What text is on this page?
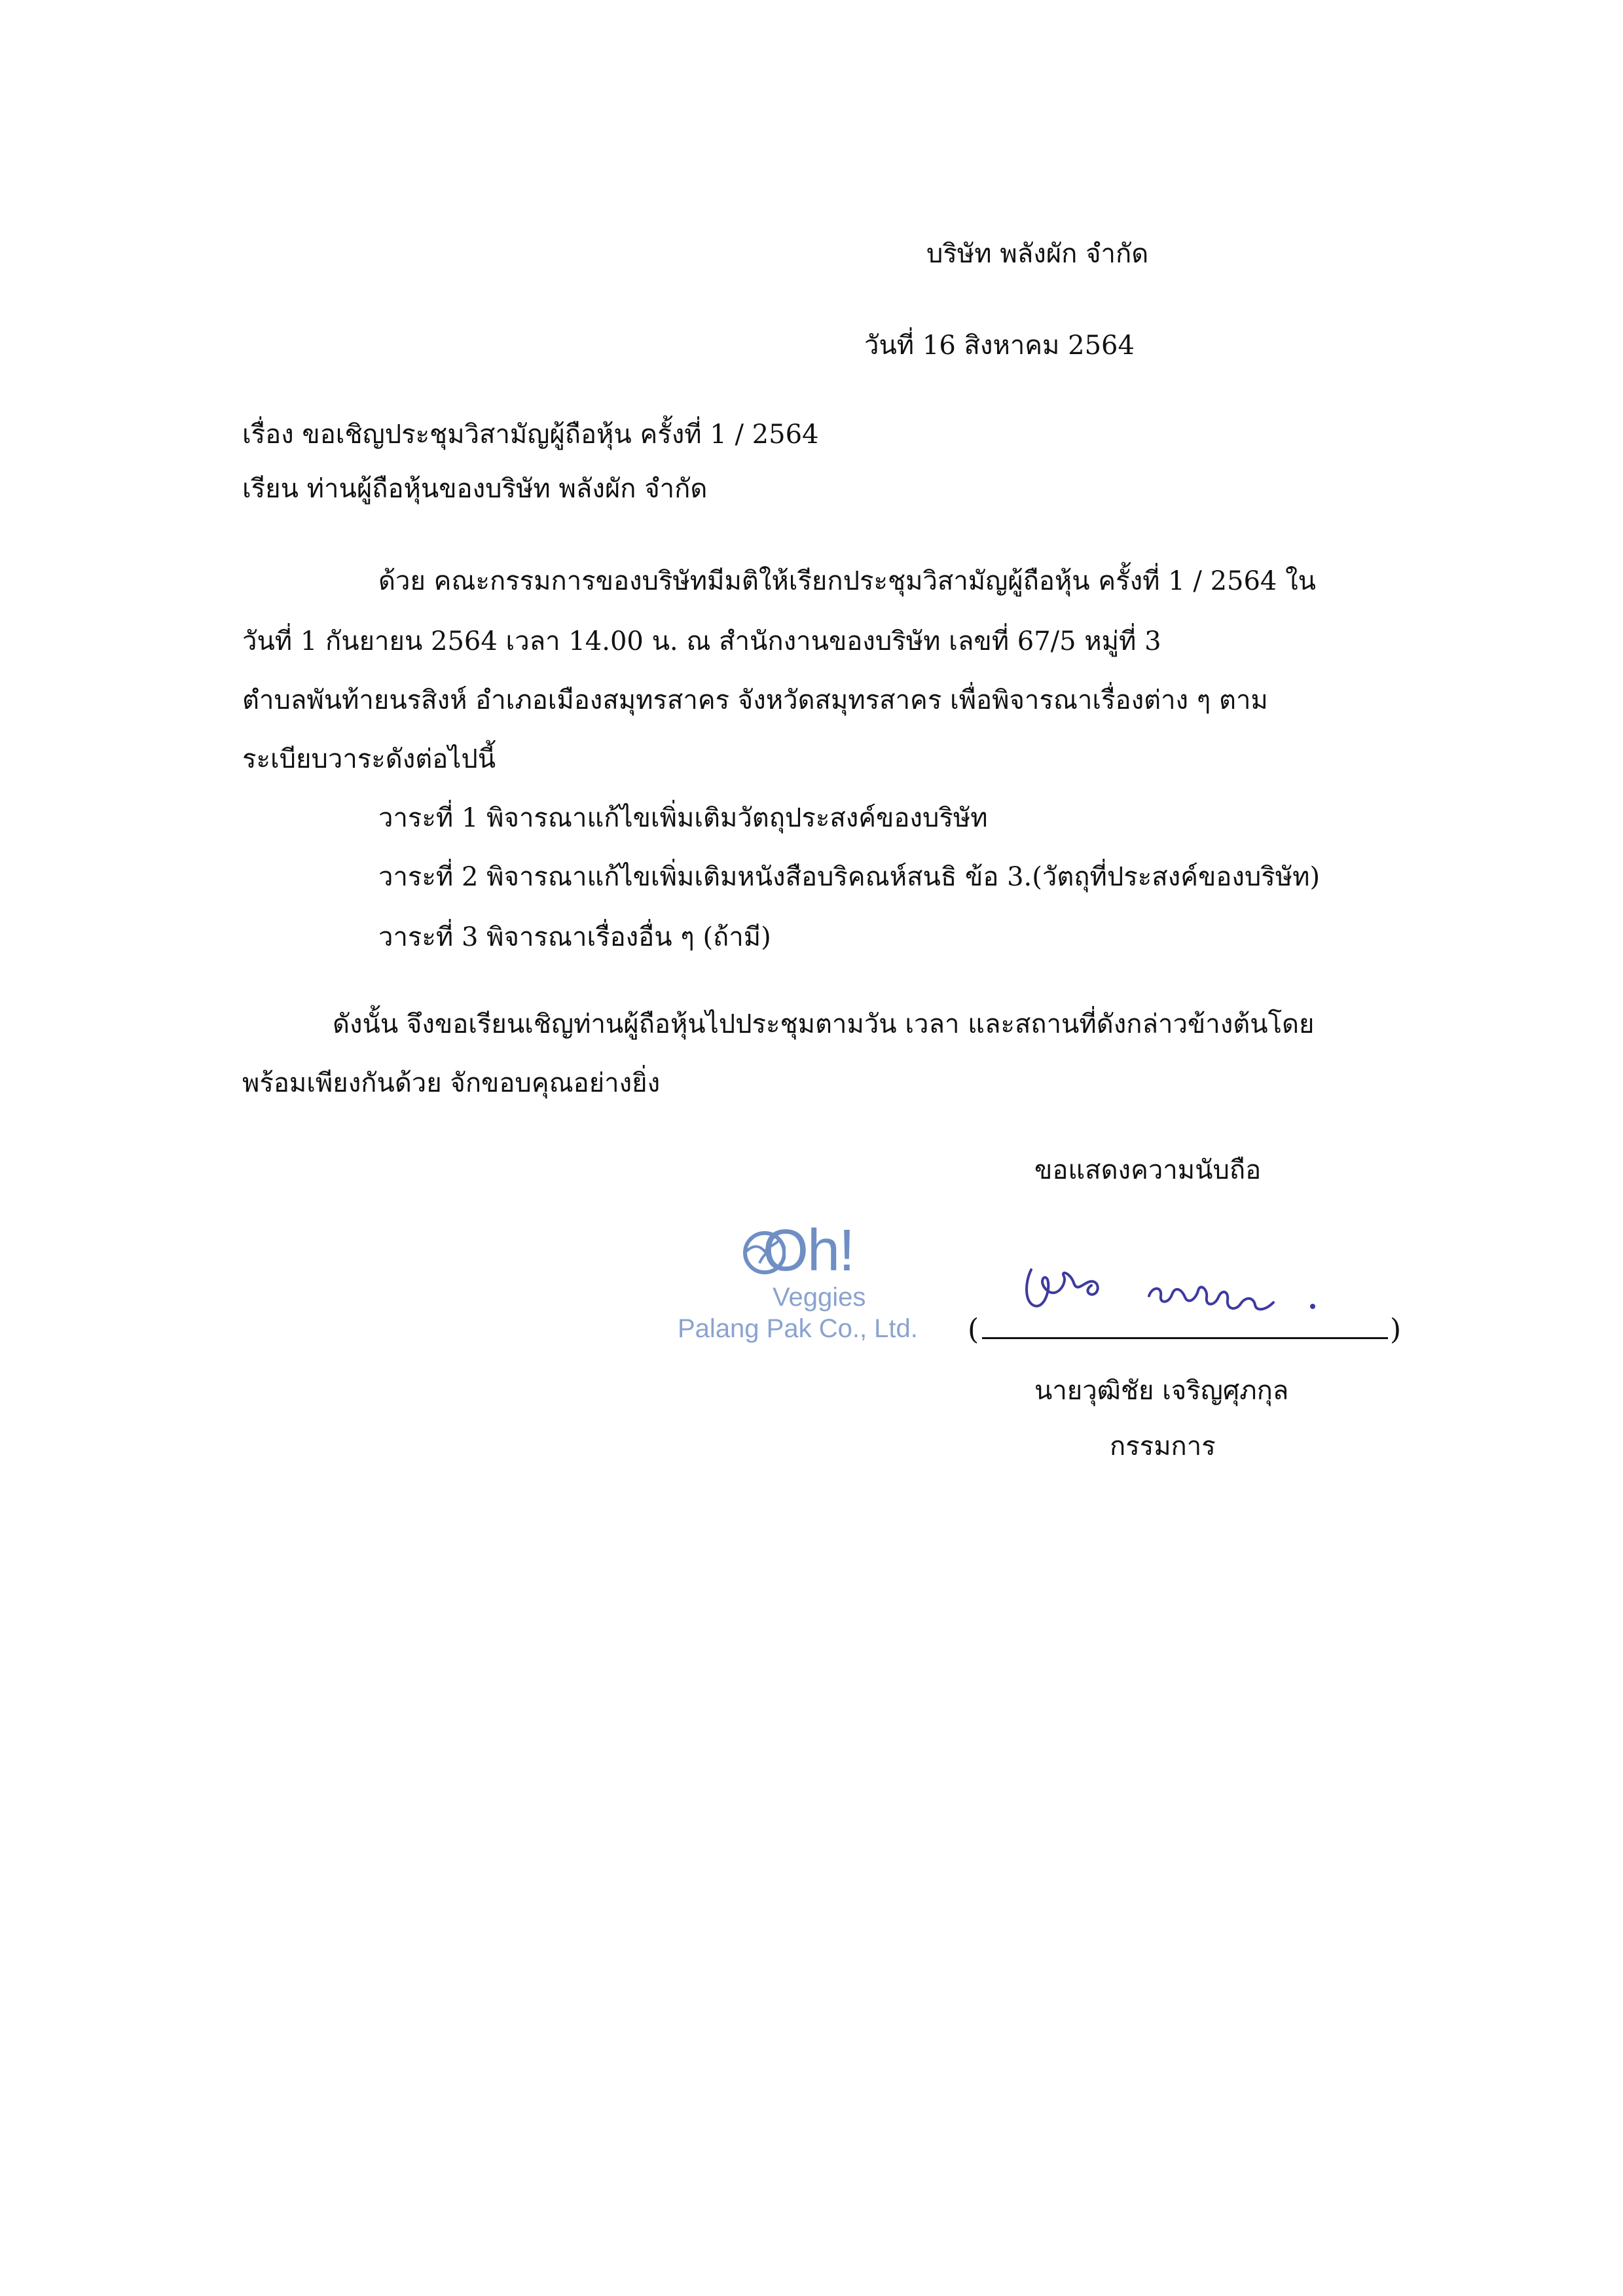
บริษัท พลังผัก จำกัด
วันที่ 16 สิงหาคม 2564
เรื่อง ขอเชิญประชุมวิสามัญผู้ถือหุ้น ครั้งที่ 1 / 2564
เรียน ท่านผู้ถือหุ้นของบริษัท พลังผัก จำกัด
ด้วย คณะกรรมการของบริษัทมีมติให้เรียกประชุมวิสามัญผู้ถือหุ้น ครั้งที่ 1 / 2564 ใน
วันที่ 1 กันยายน 2564 เวลา 14.00 น. ณ สำนักงานของบริษัท เลขที่ 67/5 หมู่ที่ 3
ตำบลพันท้ายนรสิงห์ อำเภอเมืองสมุทรสาคร จังหวัดสมุทรสาคร เพื่อพิจารณาเรื่องต่าง ๆ ตาม
ระเบียบวาระดังต่อไปนี้
วาระที่ 1 พิจารณาแก้ไขเพิ่มเติมวัตถุประสงค์ของบริษัท
วาระที่ 2 พิจารณาแก้ไขเพิ่มเติมหนังสือบริคณห์สนธิ ข้อ 3.(วัตถุที่ประสงค์ของบริษัท)
วาระที่ 3 พิจารณาเรื่องอื่น ๆ (ถ้ามี)
ดังนั้น จึงขอเรียนเชิญท่านผู้ถือหุ้นไปประชุมตามวัน เวลา และสถานที่ดังกล่าวข้างต้นโดย
พร้อมเพียงกันด้วย จักขอบคุณอย่างยิ่ง
ขอแสดงความนับถือ
Oh!
Veggies
Palang Pak Co., Ltd. (	)
นายวุฒิชัย เจริญศุภกุล
กรรมการ
